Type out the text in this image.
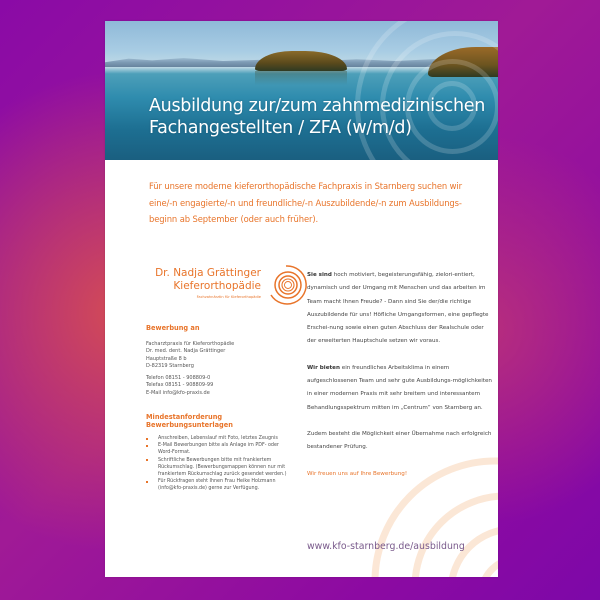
Ausbildung zur/zum zahnmedizinischen
Fachangestellten / ZFA (w/m/d)

Für unsere moderne kieferorthopädische Fachpraxis in Starnberg suchen wir eine/-n engagierte/-n und freundliche/-n Auszubildende/-n zum Ausbildungs-beginn ab September (oder auch früher).

Dr. Nadja Grättinger
Kieferorthopädie
Fachzahnärztin für Kieferorthopädie
Bewerbung an
Facharztpraxis für Kieferorthopädie
Dr. med. dent. Nadja Grättinger
Hauptstraße 8 b
D-82319 Starnberg
Telefon 08151 - 908809-0
Telefax 08151 - 908809-99
E-Mail info@kfo-praxis.de
Mindestanforderung
Bewerbungsunterlagen
Anschreiben, Lebenslauf mit Foto, letztes Zeugnis
E-Mail Bewerbungen bitte als Anlage im PDF- oder Word-Format.
Schriftliche Bewerbungen bitte mit frankiertem Rückumschlag. (Bewerbungsmappen können nur mit frankiertem Rückumschlag zurück gesendet werden.)
Für Rückfragen steht Ihnen Frau Heike Holzmann (info@kfo-praxis.de) gerne zur Verfügung.

Sie sind hoch motiviert, begeisterungsfähig, zielori-entiert, dynamisch und der Umgang mit Menschen und das arbeiten im Team macht Ihnen Freude? - Dann sind Sie der/die richtige Auszubildende für uns! Höfliche Umgangsformen, eine gepflegte Erschei-nung sowie einen guten Abschluss der Realschule oder der erweiterten Hauptschule setzen wir voraus.

Wir bieten ein freundliches Arbeitsklima in einem aufgeschlossenen Team und sehr gute Ausbildungs-möglichkeiten in einer modernen Praxis mit sehr breitem und interessantem Behandlungsspektrum mitten im „Centrum“ von Starnberg an.

Zudem besteht die Möglichkeit einer Übernahme nach erfolgreich bestandener Prüfung.

Wir freuen uns auf Ihre Bewerbung!

www.kfo-starnberg.de/ausbildung
